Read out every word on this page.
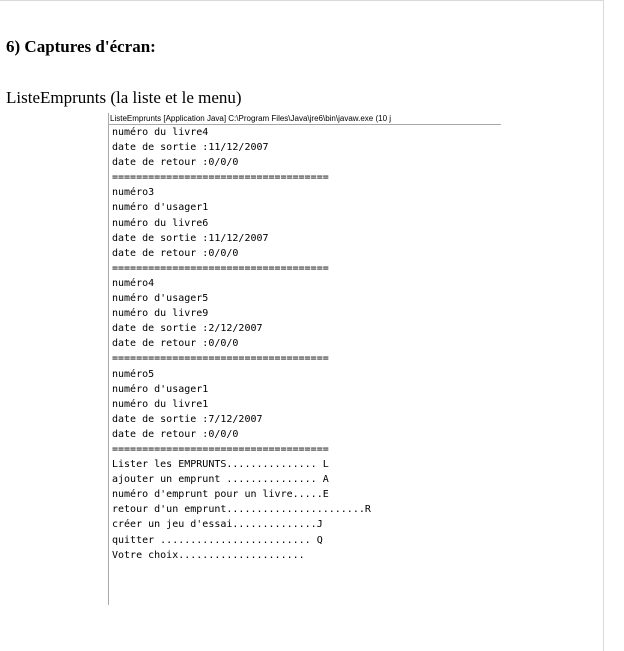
6) Captures d'écran:

ListeEmprunts (la liste et le menu)

ListeEmprunts [Application Java] C:\Program Files\Java\jre6\bin\javaw.exe (10 j
numéro du livre4
date de sortie :11/12/2007
date de retour :0/0/0
====================================
numéro3
numéro d'usager1
numéro du livre6
date de sortie :11/12/2007
date de retour :0/0/0
====================================
numéro4
numéro d'usager5
numéro du livre9
date de sortie :2/12/2007
date de retour :0/0/0
====================================
numéro5
numéro d'usager1
numéro du livre1
date de sortie :7/12/2007
date de retour :0/0/0
====================================
Lister les EMPRUNTS............... L
ajouter un emprunt ............... A
numéro d'emprunt pour un livre.....E
retour d'un emprunt.......................R
créer un jeu d'essai..............J
quitter ......................... Q
Votre choix.....................
